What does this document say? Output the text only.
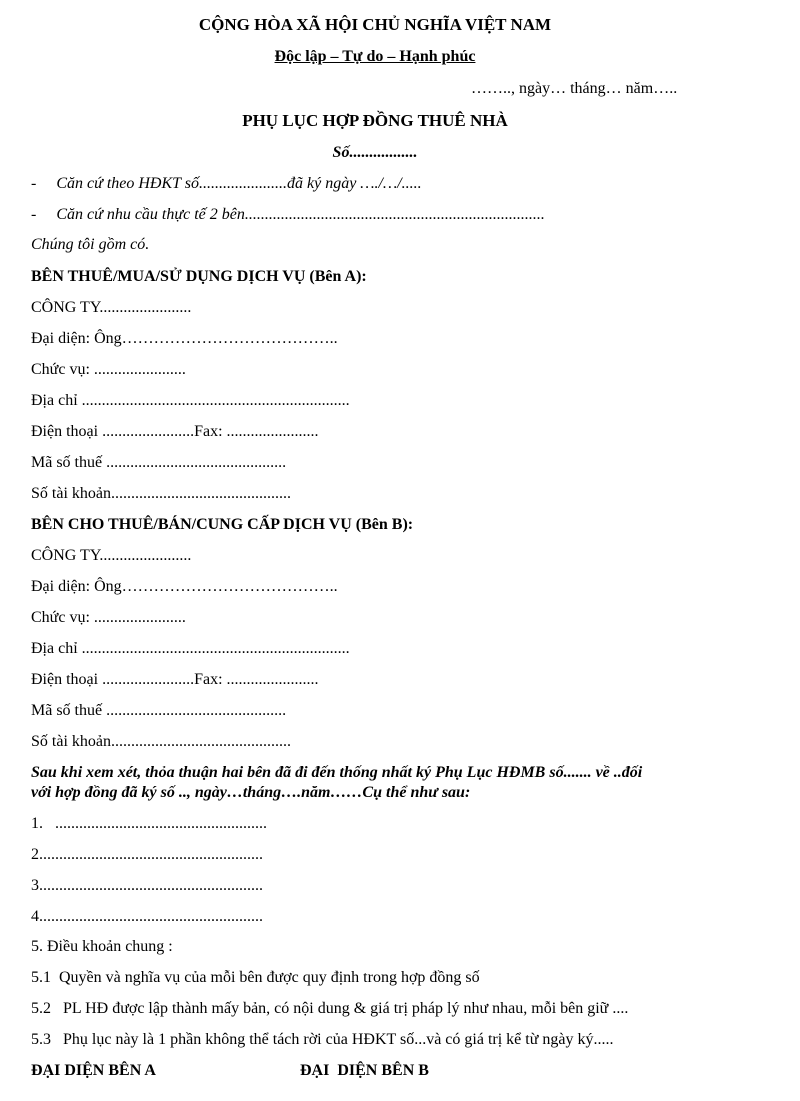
CỘNG HÒA XÃ HỘI CHỦ NGHĨA VIỆT NAM
Độc lập – Tự do – Hạnh phúc
…….., ngày… tháng… năm…..
PHỤ LỤC HỢP ĐỒNG THUÊ NHÀ
Số.................
-     Căn cứ theo HĐKT số......................đã ký ngày …./…/.....
-     Căn cứ nhu cầu thực tế 2 bên...........................................................................
Chúng tôi gồm có.
BÊN THUÊ/MUA/SỬ DỤNG DỊCH VỤ (Bên A):
CÔNG TY.......................
Đại diện: Ông…………………………………..
Chức vụ: .......................
Địa chỉ ...................................................................
Điện thoại .......................Fax: .......................
Mã số thuế .............................................
Số tài khoản.............................................
BÊN CHO THUÊ/BÁN/CUNG CẤP DỊCH VỤ (Bên B):
CÔNG TY.......................
Đại diện: Ông…………………………………..
Chức vụ: .......................
Địa chỉ ...................................................................
Điện thoại .......................Fax: .......................
Mã số thuế .............................................
Số tài khoản.............................................
Sau khi xem xét, thỏa thuận hai bên đã đi đến thống nhất ký Phụ Lục HĐMB số....... về ..đối
với hợp đồng đã ký số .., ngày…tháng….năm……Cụ thể như sau:
1.   .....................................................
2........................................................
3........................................................
4........................................................
5. Điều khoản chung :
5.1  Quyền và nghĩa vụ của mỗi bên được quy định trong hợp đồng số
5.2   PL HĐ được lập thành mấy bản, có nội dung & giá trị pháp lý như nhau, mỗi bên giữ ....
5.3   Phụ lục này là 1 phần không thể tách rời của HĐKT số...và có giá trị kể từ ngày ký.....
ĐẠI DIỆN BÊN A	ĐẠI  DIỆN BÊN B
